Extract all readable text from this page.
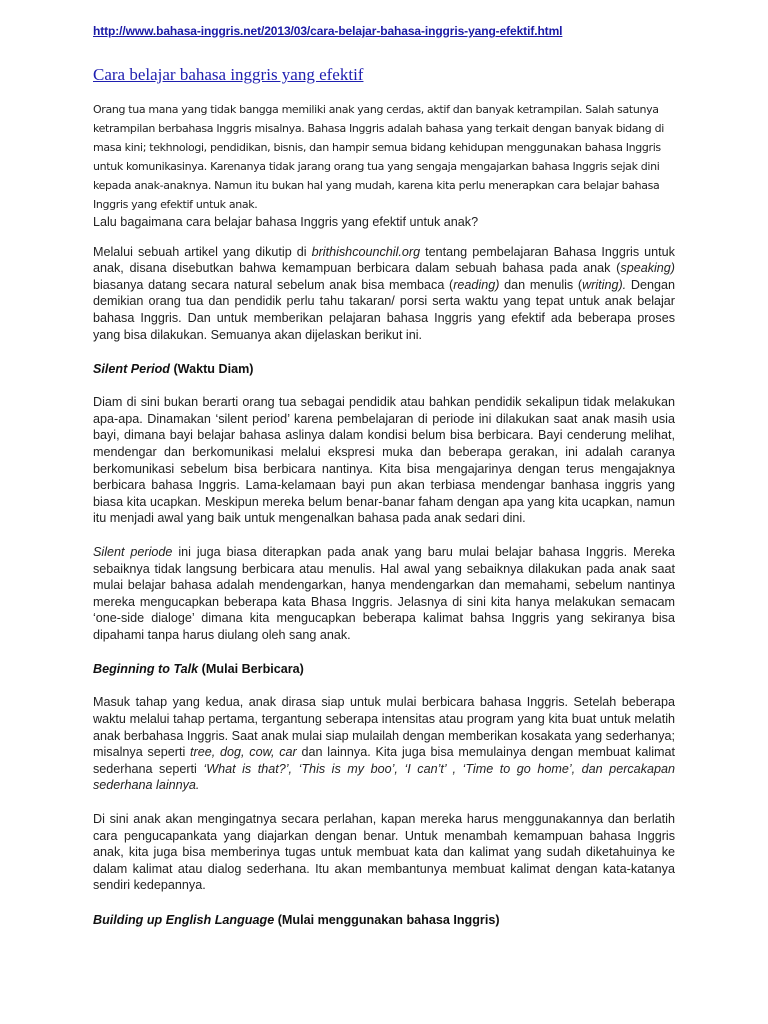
http://www.bahasa-inggris.net/2013/03/cara-belajar-bahasa-inggris-yang-efektif.html
Cara belajar bahasa inggris yang efektif

Orang tua mana yang tidak bangga memiliki anak yang cerdas, aktif dan banyak ketrampilan. Salah satunya ketrampilan berbahasa Inggris misalnya. Bahasa Inggris adalah bahasa yang terkait dengan banyak bidang di masa kini; tekhnologi, pendidikan, bisnis, dan hampir semua bidang kehidupan menggunakan bahasa Inggris untuk komunikasinya. Karenanya tidak jarang orang tua yang sengaja mengajarkan bahasa Inggris sejak dini kepada anak-anaknya. Namun itu bukan hal yang mudah, karena kita perlu menerapkan cara belajar bahasa Inggris yang efektif untuk anak.

Lalu bagaimana cara belajar bahasa Inggris yang efektif untuk anak?

Melalui sebuah artikel yang dikutip di brithishcounchil.org tentang pembelajaran Bahasa Inggris untuk anak, disana disebutkan bahwa kemampuan berbicara dalam sebuah bahasa pada anak (speaking) biasanya datang secara natural sebelum anak bisa membaca (reading) dan menulis (writing). Dengan demikian orang tua dan pendidik perlu tahu takaran/ porsi serta waktu yang tepat untuk anak belajar bahasa Inggris. Dan untuk memberikan pelajaran bahasa Inggris yang efektif ada beberapa proses yang bisa dilakukan. Semuanya akan dijelaskan berikut ini.

Silent Period (Waktu Diam)

Diam di sini bukan berarti orang tua sebagai pendidik atau bahkan pendidik sekalipun tidak melakukan apa-apa. Dinamakan ‘silent period’ karena pembelajaran di periode ini dilakukan saat anak masih usia bayi, dimana bayi belajar bahasa aslinya dalam kondisi belum bisa berbicara. Bayi cenderung melihat, mendengar dan berkomunikasi melalui ekspresi muka dan beberapa gerakan, ini adalah caranya berkomunikasi sebelum bisa berbicara nantinya. Kita bisa mengajarinya dengan terus mengajaknya berbicara bahasa Inggris. Lama-kelamaan bayi pun akan terbiasa mendengar banhasa inggris yang biasa kita ucapkan. Meskipun mereka belum benar-banar faham dengan apa yang kita ucapkan, namun itu menjadi awal yang baik untuk mengenalkan bahasa pada anak sedari dini.

Silent periode ini juga biasa diterapkan pada anak yang baru mulai belajar bahasa Inggris. Mereka sebaiknya tidak langsung berbicara atau menulis. Hal awal yang sebaiknya dilakukan pada anak saat mulai belajar bahasa adalah mendengarkan, hanya mendengarkan dan memahami, sebelum nantinya mereka mengucapkan beberapa kata Bhasa Inggris. Jelasnya di sini kita hanya melakukan semacam ‘one-side dialoge’ dimana kita mengucapkan beberapa kalimat bahsa Inggris yang sekiranya bisa dipahami tanpa harus diulang oleh sang anak.

Beginning to Talk (Mulai Berbicara)

Masuk tahap yang kedua, anak dirasa siap untuk mulai berbicara bahasa Inggris. Setelah beberapa waktu melalui tahap pertama, tergantung seberapa intensitas atau program yang kita buat untuk melatih anak berbahasa Inggris. Saat anak mulai siap mulailah dengan memberikan kosakata yang sederhanya; misalnya seperti tree, dog, cow, car dan lainnya. Kita juga bisa memulainya dengan membuat kalimat sederhana seperti ‘What is that?’, ‘This is my boo’, ‘I can’t’ , ‘Time to go home’, dan percakapan sederhana lainnya.

Di sini anak akan mengingatnya secara perlahan, kapan mereka harus menggunakannya dan berlatih cara pengucapankata yang diajarkan dengan benar. Untuk menambah kemampuan bahasa Inggris anak, kita juga bisa memberinya tugas untuk membuat kata dan kalimat yang sudah diketahuinya ke dalam kalimat atau dialog sederhana. Itu akan membantunya membuat kalimat dengan kata-katanya sendiri kedepannya.

Building up English Language (Mulai menggunakan bahasa Inggris)
